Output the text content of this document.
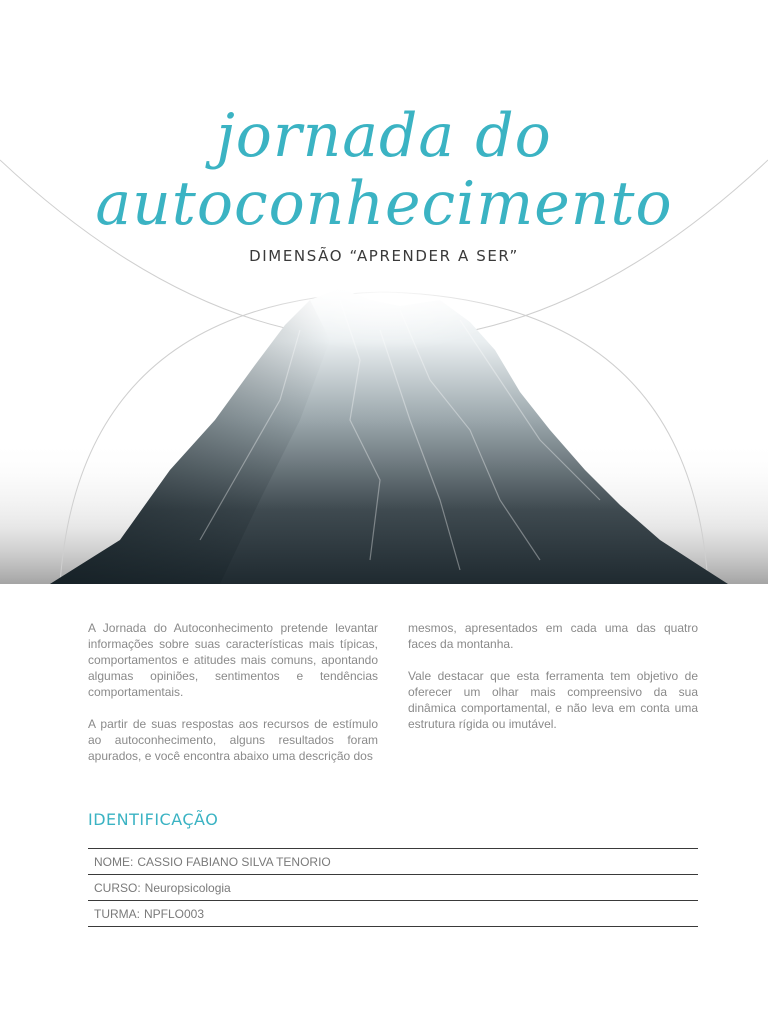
jornada do
autoconhecimento
DIMENSÃO “APRENDER A SER”

A Jornada do Autoconhecimento pretende levantar informações sobre suas características mais típicas, comportamentos e atitudes mais comuns, apontando algumas opiniões, sentimentos e tendências comportamentais.

A partir de suas respostas aos recursos de estímulo ao autoconhecimento, alguns resultados foram apurados, e você encontra abaixo uma descrição dos

mesmos, apresentados em cada uma das quatro faces da montanha.

Vale destacar que esta ferramenta tem objetivo de oferecer um olhar mais compreensivo da sua dinâmica comportamental, e não leva em conta uma estrutura rígida ou imutável.

IDENTIFICAÇÃO
NOME: CASSIO FABIANO SILVA TENORIO
CURSO: Neuropsicologia
TURMA: NPFLO003
